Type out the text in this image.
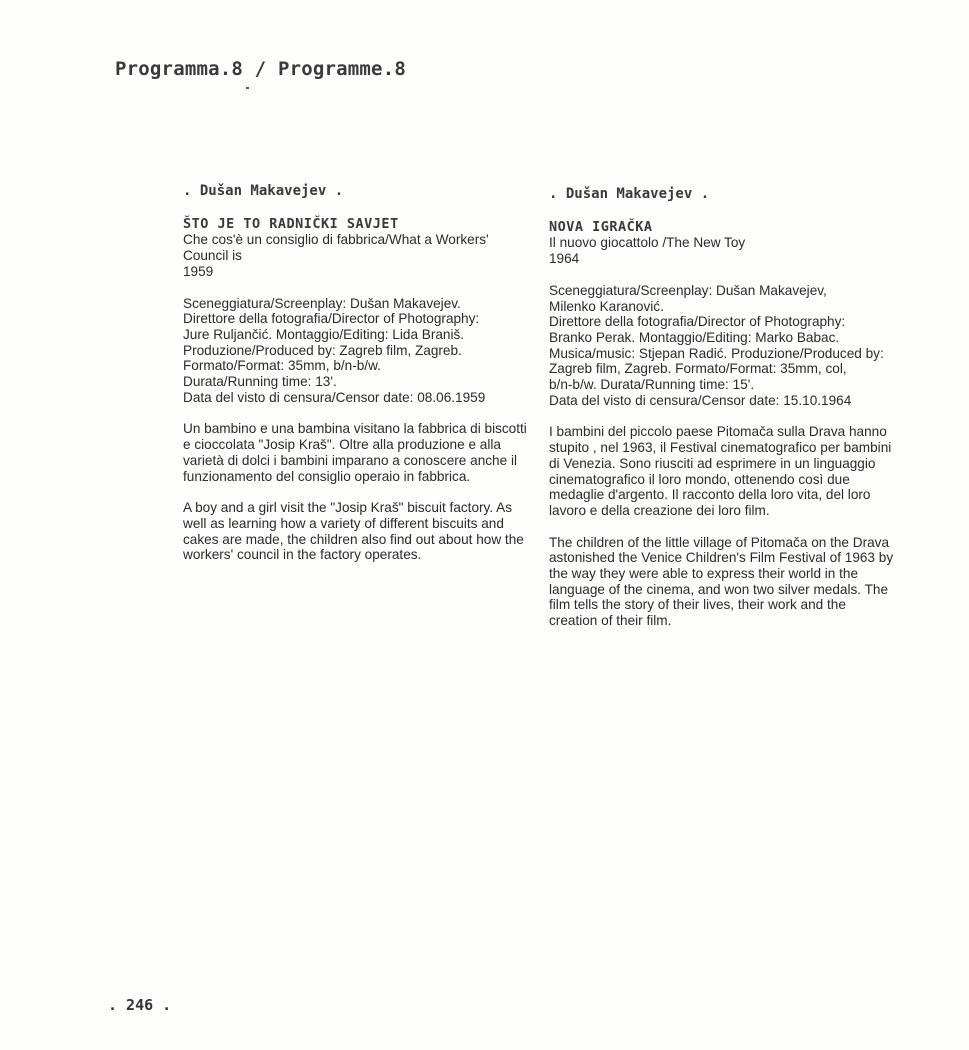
Programma.8 / Programme.8
. Dušan Makavejev .
ŠTO JE TO RADNIČKI SAVJET
Che cos'è un consiglio di fabbrica/What a Workers'
Council is
1959
Sceneggiatura/Screenplay: Dušan Makavejev.
Direttore della fotografia/Director of Photography:
Jure Ruljančić. Montaggio/Editing: Lida Braniš.
Produzione/Produced by: Zagreb film, Zagreb.
Formato/Format: 35mm, b/n-b/w.
Durata/Running time: 13'.
Data del visto di censura/Censor date: 08.06.1959
Un bambino e una bambina visitano la fabbrica di biscotti
e cioccolata "Josip Kraš". Oltre alla produzione e alla
varietà di dolci i bambini imparano a conoscere anche il
funzionamento del consiglio operaio in fabbrica.
A boy and a girl visit the "Josip Kraš" biscuit factory. As
well as learning how a variety of different biscuits and
cakes are made, the children also find out about how the
workers' council in the factory operates.
. Dušan Makavejev .
NOVA IGRAČKA
Il nuovo giocattolo /The New Toy
1964
Sceneggiatura/Screenplay: Dušan Makavejev,
Milenko Karanović.
Direttore della fotografia/Director of Photography:
Branko Perak. Montaggio/Editing: Marko Babac.
Musica/music: Stjepan Radić. Produzione/Produced by:
Zagreb film, Zagreb. Formato/Format: 35mm, col,
b/n-b/w. Durata/Running time: 15'.
Data del visto di censura/Censor date: 15.10.1964
I bambini del piccolo paese Pitomača sulla Drava hanno
stupito , nel 1963, il Festival cinematografico per bambini
di Venezia. Sono riusciti ad esprimere in un linguaggio
cinematografico il loro mondo, ottenendo così due
medaglie d'argento. Il racconto della loro vita, del loro
lavoro e della creazione dei loro film.
The children of the little village of Pitomača on the Drava
astonished the Venice Children's Film Festival of 1963 by
the way they were able to express their world in the
language of the cinema, and won two silver medals. The
film tells the story of their lives, their work and the
creation of their film.
. 246 .
